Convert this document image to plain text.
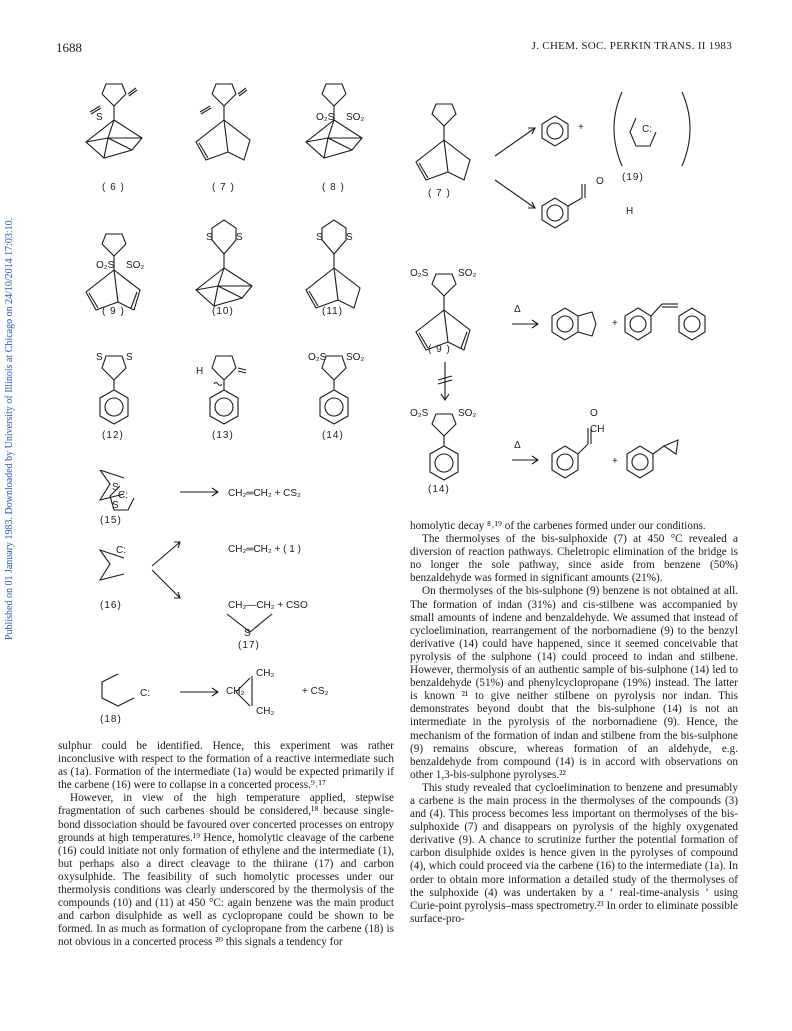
1688	J. CHEM. SOC. PERKIN TRANS. II 1983
Published on 01 January 1983. Downloaded by University of Illinois at Chicago on 24/10/2014 17:03:10.
( 6 )	( 7 )	( 8 )
( 9 )	(10)	(11)
(12)	(13)	(14)
S
O₂S SO₂
O₂S SO₂
S S	S S
S S
H
O₂S SO₂
S
C:
S
(15)
CH₂═CH₂ + CS₂
C:
(16)
CH₂═CH₂ + ( 1 )
CH₂—CH₂ + CSO
S
(17)
C:
(18)
CH₂
CH₂
CH₂
+ CS₂
( 7 )
(19)
+	C:
O
H
O₂S	SO₂
Δ
+
( 9 )
O₂S	SO₂
Δ
O
CH
+
(14)

sulphur could be identified. Hence, this experiment was rather inconclusive with respect to the formation of a reactive intermediate such as (1a). Formation of the intermediate (1a) would be expected primarily if the carbene (16) were to collapse in a concerted process.⁹˒¹⁷

However, in view of the high temperature applied, stepwise fragmentation of such carbenes should be considered,¹⁸ because single-bond dissociation should be favoured over concerted processes on entropy grounds at high temperatures.¹⁹ Hence, homolytic cleavage of the carbene (16) could initiate not only formation of ethylene and the intermediate (1), but perhaps also a direct cleavage to the thiirane (17) and carbon oxysulphide. The feasibility of such homolytic processes under our thermolysis conditions was clearly underscored by the thermolysis of the compounds (10) and (11) at 450 °C: again benzene was the main product and carbon disulphide as well as cyclopropane could be shown to be formed. In as much as formation of cyclopropane from the carbene (18) is not obvious in a concerted process ²⁰ this signals a tendency for

homolytic decay ⁸˒¹⁹ of the carbenes formed under our conditions.

The thermolyses of the bis-sulphoxide (7) at 450 °C revealed a diversion of reaction pathways. Cheletropic elimination of the bridge is no longer the sole pathway, since aside from benzene (50%) benzaldehyde was formed in significant amounts (21%).

On thermolyses of the bis-sulphone (9) benzene is not obtained at all. The formation of indan (31%) and cis-stilbene was accompanied by small amounts of indene and benzaldehyde. We assumed that instead of cycloelimination, rearrangement of the norbornadiene (9) to the benzyl derivative (14) could have happened, since it seemed conceivable that pyrolysis of the sulphone (14) could proceed to indan and stilbene. However, thermolysis of an authentic sample of bis-sulphone (14) led to benzaldehyde (51%) and phenylcyclopropane (19%) instead. The latter is known ²¹ to give neither stilbene on pyrolysis nor indan. This demonstrates beyond doubt that the bis-sulphone (14) is not an intermediate in the pyrolysis of the norbornadiene (9). Hence, the mechanism of the formation of indan and stilbene from the bis-sulphone (9) remains obscure, whereas formation of an aldehyde, e.g. benzaldehyde from compound (14) is in accord with observations on other 1,3-bis-sulphone pyrolyses.²²

This study revealed that cycloelimination to benzene and presumably a carbene is the main process in the thermolyses of the compounds (3) and (4). This process becomes less important on thermolyses of the bis-sulphoxide (7) and disappears on pyrolysis of the highly oxygenated derivative (9). A chance to scrutinize further the potential formation of carbon disulphide oxides is hence given in the pyrolyses of compound (4), which could proceed via the carbene (16) to the intermediate (1a). In order to obtain more information a detailed study of the thermolyses of the sulphoxide (4) was undertaken by a ‘ real-time-analysis ’ using Curie-point pyrolysis–mass spectrometry.²³ In order to eliminate possible surface-pro-
